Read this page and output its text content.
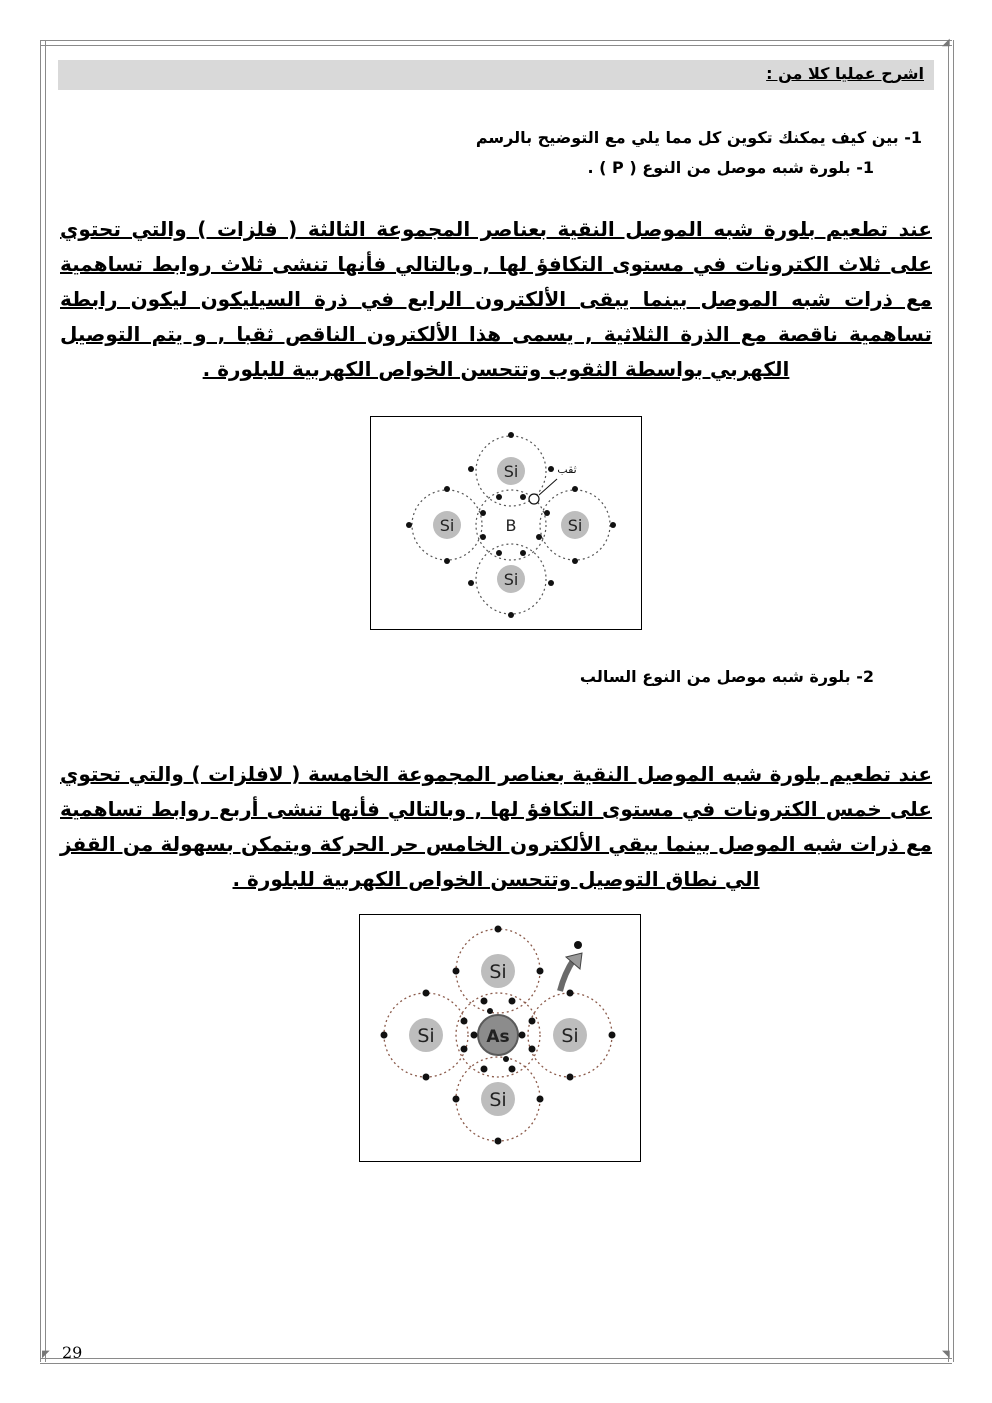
◢
◤	◥
اشرح عمليا كلا من :
1- بين كيف يمكنك تكوين كل مما يلي مع التوضيح بالرسم
1- بلورة شبه موصل من النوع ( P ) .

عند تطعيم بلورة شبه الموصل النقية بعناصر المجموعة الثالثة ( فلزات ) والتي تحتوي على ثلاث الكترونات في مستوى التكافؤ لها , وبالتالي فأنها تنشى ثلاث روابط تساهمية مع ذرات شبه الموصل بينما يبقى الألكترون الرابع في ذرة السيليكون ليكون رابطة تساهمية ناقصة مع الذرة الثلاثية , يسمى هذا الألكترون الناقص ثقبا , و يتم التوصيل الكهربي بواسطة الثقوب وتتحسن الخواص الكهربية للبلورة .

Si
Si	Si
Si
B
ثقب
2- بلورة شبه موصل من النوع السالب

عند تطعيم بلورة شبه الموصل النقية بعناصر المجموعة الخامسة ( لافلزات ) والتي تحتوي على خمس الكترونات في مستوى التكافؤ لها , وبالتالي فأنها تنشى أربع روابط تساهمية مع ذرات شبه الموصل بينما يبقي الألكترون الخامس حر الحركة ويتمكن بسهولة من القفز الي نطاق التوصيل وتتحسن الخواص الكهربية للبلورة .

Si
Si	Si
Si
As
29
